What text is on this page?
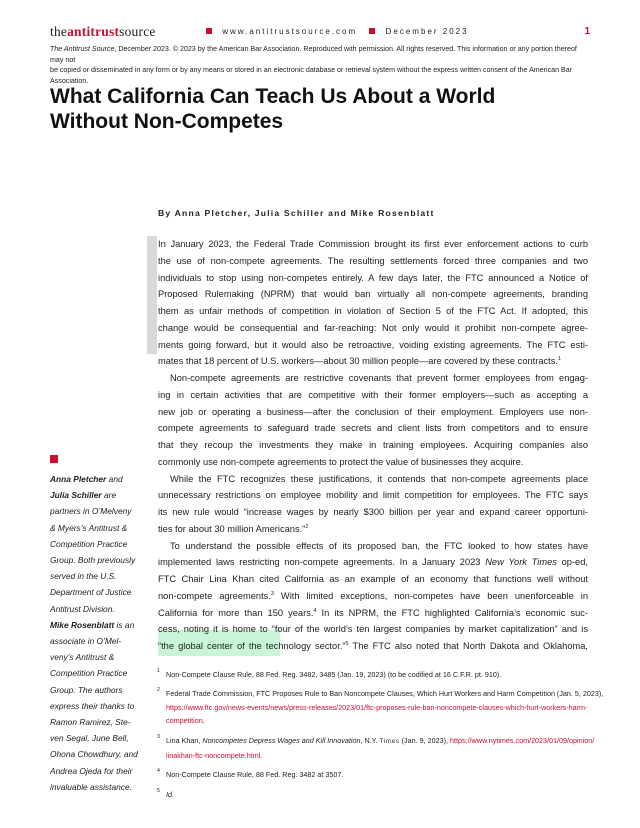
theantitrustsource	www.antitrustsource.com	December 2023	1
The Antitrust Source, December 2023. © 2023 by the American Bar Association. Reproduced with permission. All rights reserved. This information or any portion thereof may not
be copied or disseminated in any form or by any means or stored in an electronic database or retrieval system without the express written consent of the American Bar Association.
What California Can Teach Us About a World
Without Non-Competes
By Anna Pletcher, Julia Schiller and Mike Rosenblatt
In January 2023, the Federal Trade Commission brought its first ever enforcement actions to curb
the use of non-compete agreements. The resulting settlements forced three companies and two
individuals to stop using non-competes entirely. A few days later, the FTC announced a Notice of
Proposed Rulemaking (NPRM) that would ban virtually all non-compete agreements, branding
them as unfair methods of competition in violation of Section 5 of the FTC Act. If adopted, this
change would be consequential and far-reaching: Not only would it prohibit non-compete agree-
ments going forward, but it would also be retroactive, voiding existing agreements. The FTC esti-
mates that 18 percent of U.S. workers—about 30 million people—are covered by these contracts.$^1$
Non-compete agreements are restrictive covenants that prevent former employees from engag-
ing in certain activities that are competitive with their former employers—such as accepting a
new job or operating a business—after the conclusion of their employment. Employers use non-
compete agreements to safeguard trade secrets and client lists from competitors and to ensure
that they recoup the investments they make in training employees. Acquiring companies also
commonly use non-compete agreements to protect the value of businesses they acquire.
While the FTC recognizes these justifications, it contends that non-compete agreements place
unnecessary restrictions on employee mobility and limit competition for employees. The FTC says
its new rule would “increase wages by nearly $300 billion per year and expand career opportuni-
ties for about 30 million Americans.”$^2$
To understand the possible effects of its proposed ban, the FTC looked to how states have
implemented laws restricting non-compete agreements. In a January 2023 New York Times op-ed,
FTC Chair Lina Khan cited California as an example of an economy that functions well without
non-compete agreements.$^3$ With limited exceptions, non-competes have been unenforceable in
California for more than 150 years.$^4$ In its NPRM, the FTC highlighted California’s economic suc-
cess, noting it is home to “four of the world’s ten largest companies by market capitalization” and is
“the global center of the technology sector.”$^5$ The FTC also noted that North Dakota and Oklahoma,
Anna Pletcher and
Julia Schiller are
partners in O’Melveny
& Myers’s Antitrust &
Competition Practice
Group. Both previously
served in the U.S.
Department of Justice
Antitrust Division.
Mike Rosenblatt is an
associate in O’Mel-
veny’s Antitrust &
Competition Practice
Group. The authors
express their thanks to
Ramon Ramirez, Ste-
ven Segal, June Bell,
Ohona Chowdhury, and
Andrea Ojeda for their
invaluable assistance.
1 Non-Compete Clause Rule, 88 Fed. Reg. 3482, 3485 (Jan. 19, 2023) (to be codified at 16 C.F.R. pt. 910).
2 Federal Trade Commission, FTC Proposes Rule to Ban Noncompete Clauses, Which Hurt Workers and Harm Competition (Jan. 5, 2023),
https://www.ftc.gov/news-events/news/press-releases/2023/01/ftc-proposes-rule-ban-noncompete-clauses-which-hurt-workers-harm-
competition.
3 Lina Khan, Noncompetes Depress Wages and Kill Innovation, N.Y. Times (Jan. 9, 2023), https://www.nytimes.com/2023/01/09/opinion/
linakhan-ftc-noncompete.html.
4 Non-Compete Clause Rule, 88 Fed. Reg. 3482 at 3507.
5 Id.
